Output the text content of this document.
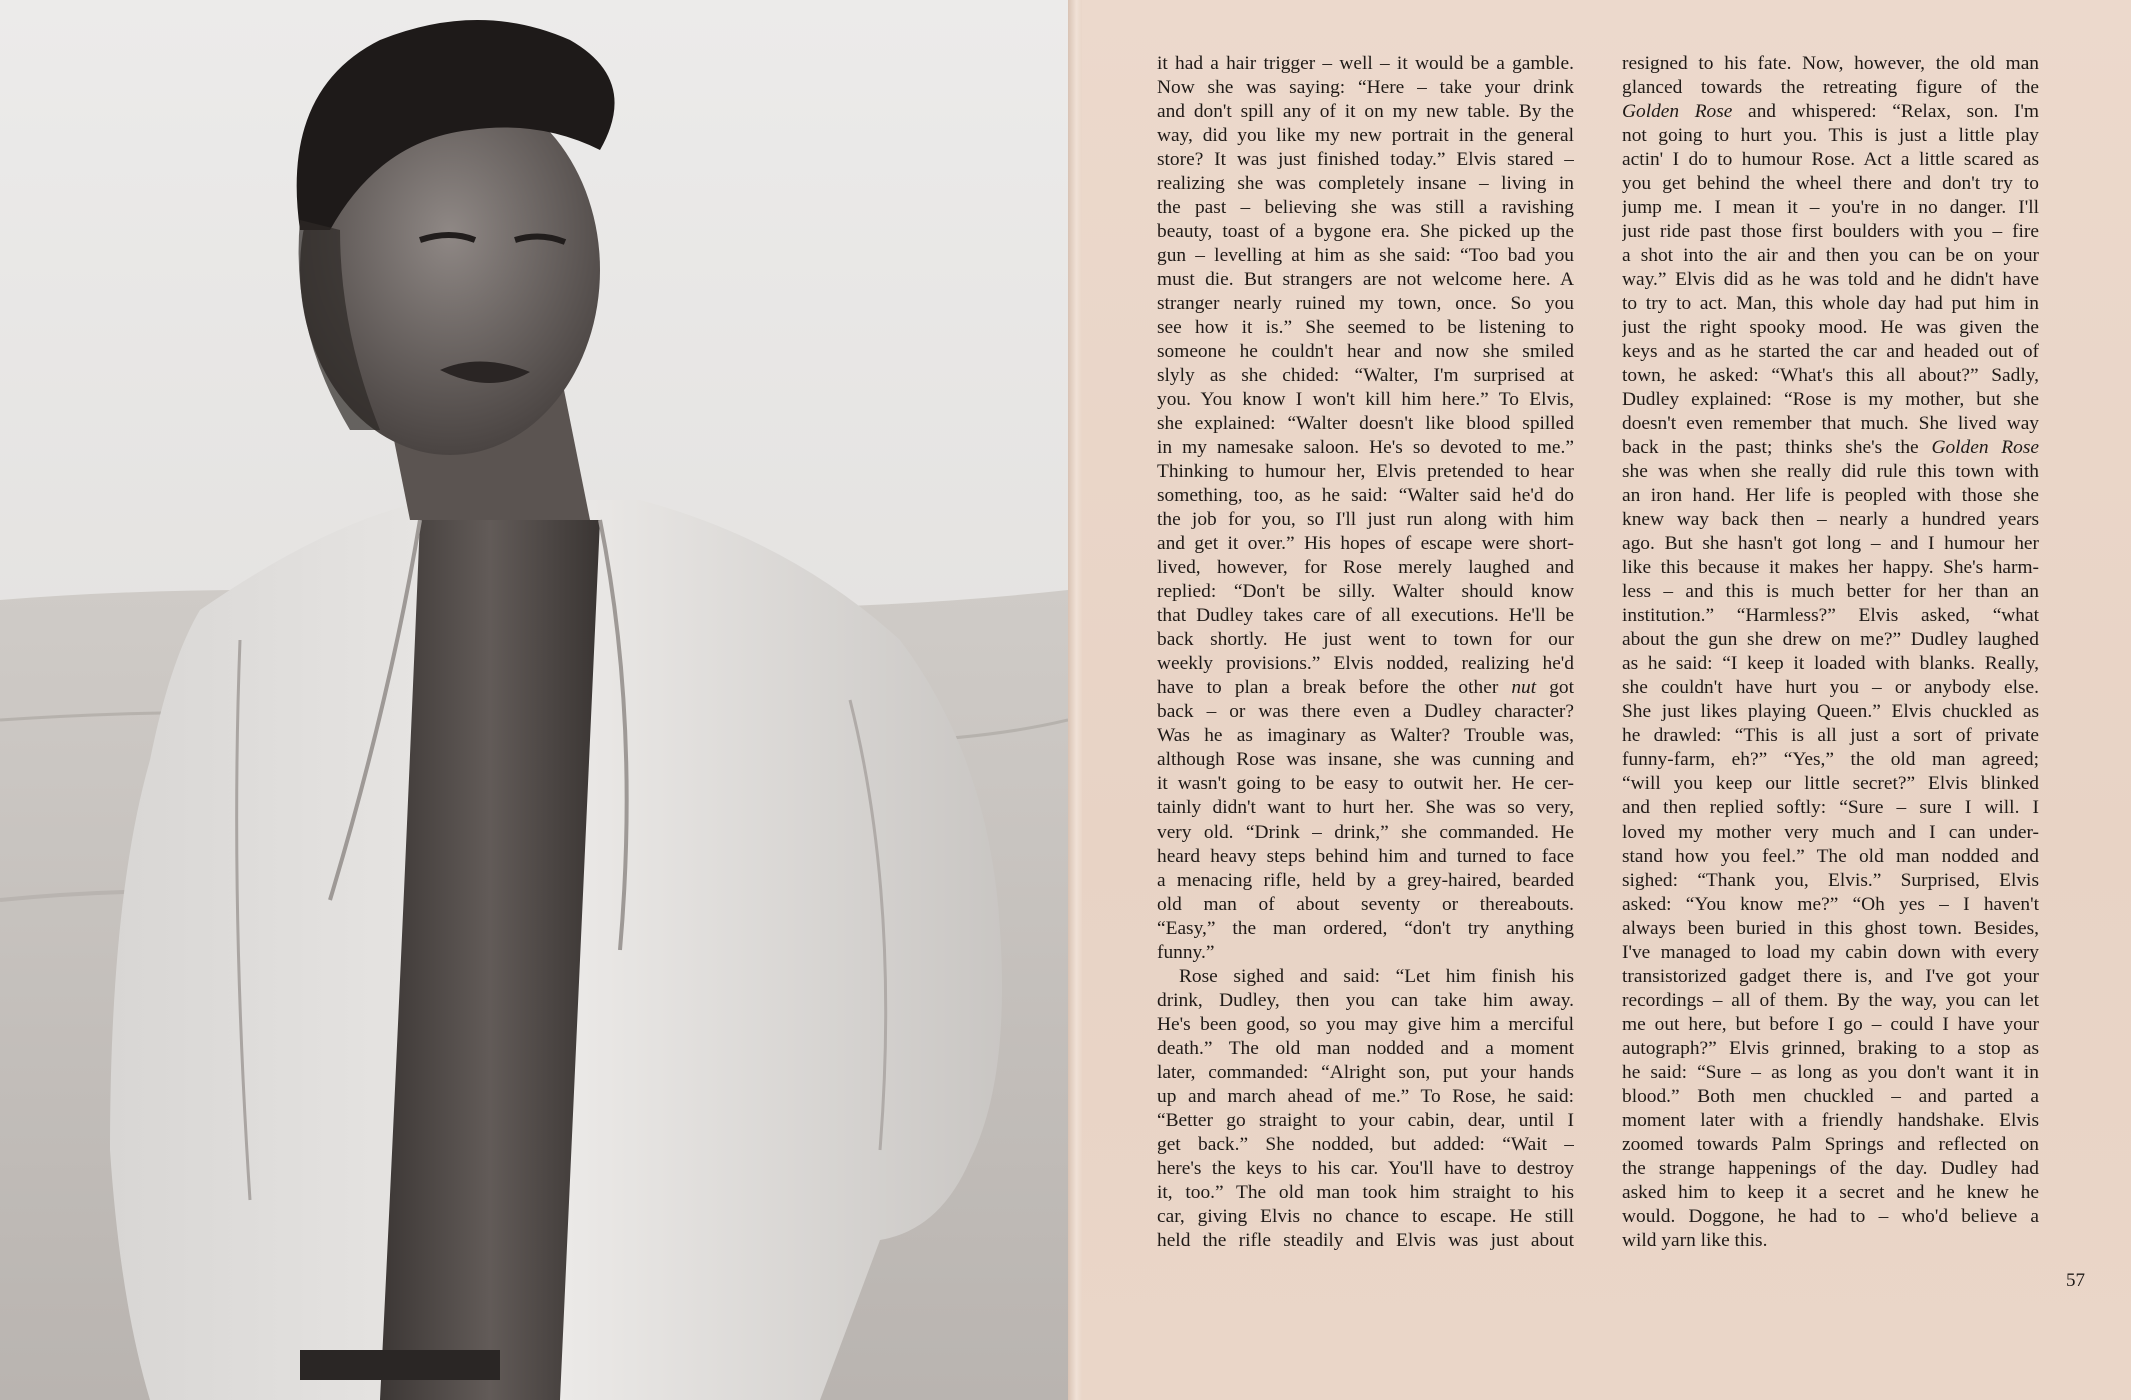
it had a hair trigger – well – it would be a gamble.
Now she was saying: “Here – take your drink
and don't spill any of it on my new table. By the
way, did you like my new portrait in the general
store? It was just finished today.” Elvis stared –
realizing she was completely insane – living in
the past – believing she was still a ravishing
beauty, toast of a bygone era. She picked up the
gun – levelling at him as she said: “Too bad you
must die. But strangers are not welcome here. A
stranger nearly ruined my town, once. So you
see how it is.” She seemed to be listening to
someone he couldn't hear and now she smiled
slyly as she chided: “Walter, I'm surprised at
you. You know I won't kill him here.” To Elvis,
she explained: “Walter doesn't like blood spilled
in my namesake saloon. He's so devoted to me.”
Thinking to humour her, Elvis pretended to hear
something, too, as he said: “Walter said he'd do
the job for you, so I'll just run along with him
and get it over.” His hopes of escape were short-
lived, however, for Rose merely laughed and
replied: “Don't be silly. Walter should know
that Dudley takes care of all executions. He'll be
back shortly. He just went to town for our
weekly provisions.” Elvis nodded, realizing he'd
have to plan a break before the other nut got
back – or was there even a Dudley character?
Was he as imaginary as Walter? Trouble was,
although Rose was insane, she was cunning and
it wasn't going to be easy to outwit her. He cer-
tainly didn't want to hurt her. She was so very,
very old. “Drink – drink,” she commanded. He
heard heavy steps behind him and turned to face
a menacing rifle, held by a grey-haired, bearded
old man of about seventy or thereabouts.
“Easy,” the man ordered, “don't try anything
funny.”

Rose sighed and said: “Let him finish his
drink, Dudley, then you can take him away.
He's been good, so you may give him a merciful
death.” The old man nodded and a moment
later, commanded: “Alright son, put your hands
up and march ahead of me.” To Rose, he said:
“Better go straight to your cabin, dear, until I
get back.” She nodded, but added: “Wait –
here's the keys to his car. You'll have to destroy
it, too.” The old man took him straight to his
car, giving Elvis no chance to escape. He still
held the rifle steadily and Elvis was just about

resigned to his fate. Now, however, the old man
glanced towards the retreating figure of the
Golden Rose and whispered: “Relax, son. I'm
not going to hurt you. This is just a little play
actin' I do to humour Rose. Act a little scared as
you get behind the wheel there and don't try to
jump me. I mean it – you're in no danger. I'll
just ride past those first boulders with you – fire
a shot into the air and then you can be on your
way.” Elvis did as he was told and he didn't have
to try to act. Man, this whole day had put him in
just the right spooky mood. He was given the
keys and as he started the car and headed out of
town, he asked: “What's this all about?” Sadly,
Dudley explained: “Rose is my mother, but she
doesn't even remember that much. She lived way
back in the past; thinks she's the Golden Rose
she was when she really did rule this town with
an iron hand. Her life is peopled with those she
knew way back then – nearly a hundred years
ago. But she hasn't got long – and I humour her
like this because it makes her happy. She's harm-
less – and this is much better for her than an
institution.” “Harmless?” Elvis asked, “what
about the gun she drew on me?” Dudley laughed
as he said: “I keep it loaded with blanks. Really,
she couldn't have hurt you – or anybody else.
She just likes playing Queen.” Elvis chuckled as
he drawled: “This is all just a sort of private
funny-farm, eh?” “Yes,” the old man agreed;
“will you keep our little secret?” Elvis blinked
and then replied softly: “Sure – sure I will. I
loved my mother very much and I can under-
stand how you feel.” The old man nodded and
sighed: “Thank you, Elvis.” Surprised, Elvis
asked: “You know me?” “Oh yes – I haven't
always been buried in this ghost town. Besides,
I've managed to load my cabin down with every
transistorized gadget there is, and I've got your
recordings – all of them. By the way, you can let
me out here, but before I go – could I have your
autograph?” Elvis grinned, braking to a stop as
he said: “Sure – as long as you don't want it in
blood.” Both men chuckled – and parted a
moment later with a friendly handshake. Elvis
zoomed towards Palm Springs and reflected on
the strange happenings of the day. Dudley had
asked him to keep it a secret and he knew he
would. Doggone, he had to – who'd believe a
wild yarn like this.

57
